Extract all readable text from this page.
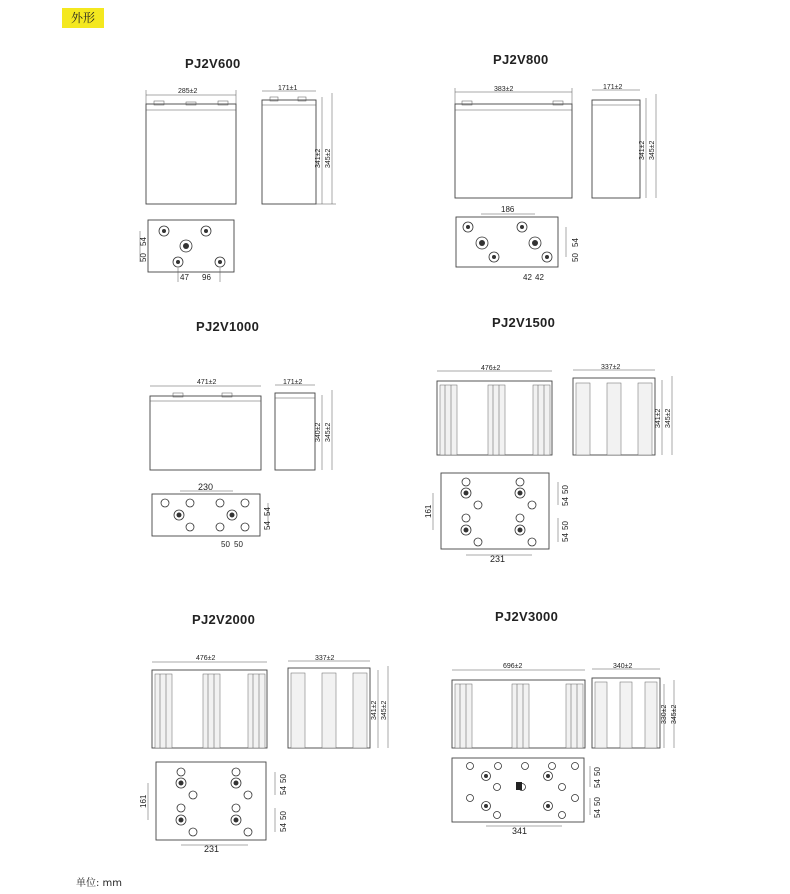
外形
PJ2V600	PJ2V800
PJ2V1000	PJ2V1500
PJ2V2000	PJ2V3000
单位: mm
285±2	171±1
341±2 345±2
54
50
47 96
383±2	171±2
341±2 345±2
186
54
50
42 42
471±2	171±2
340±2 345±2
230
54
54
50 50
476±2	337±2
341±2 345±2
161
50
54
50
54
231
476±2	337±2
341±2 345±2
161
50
54
50
54
231
696±2	340±2
330±2 345±2
50
54
50
54
341
